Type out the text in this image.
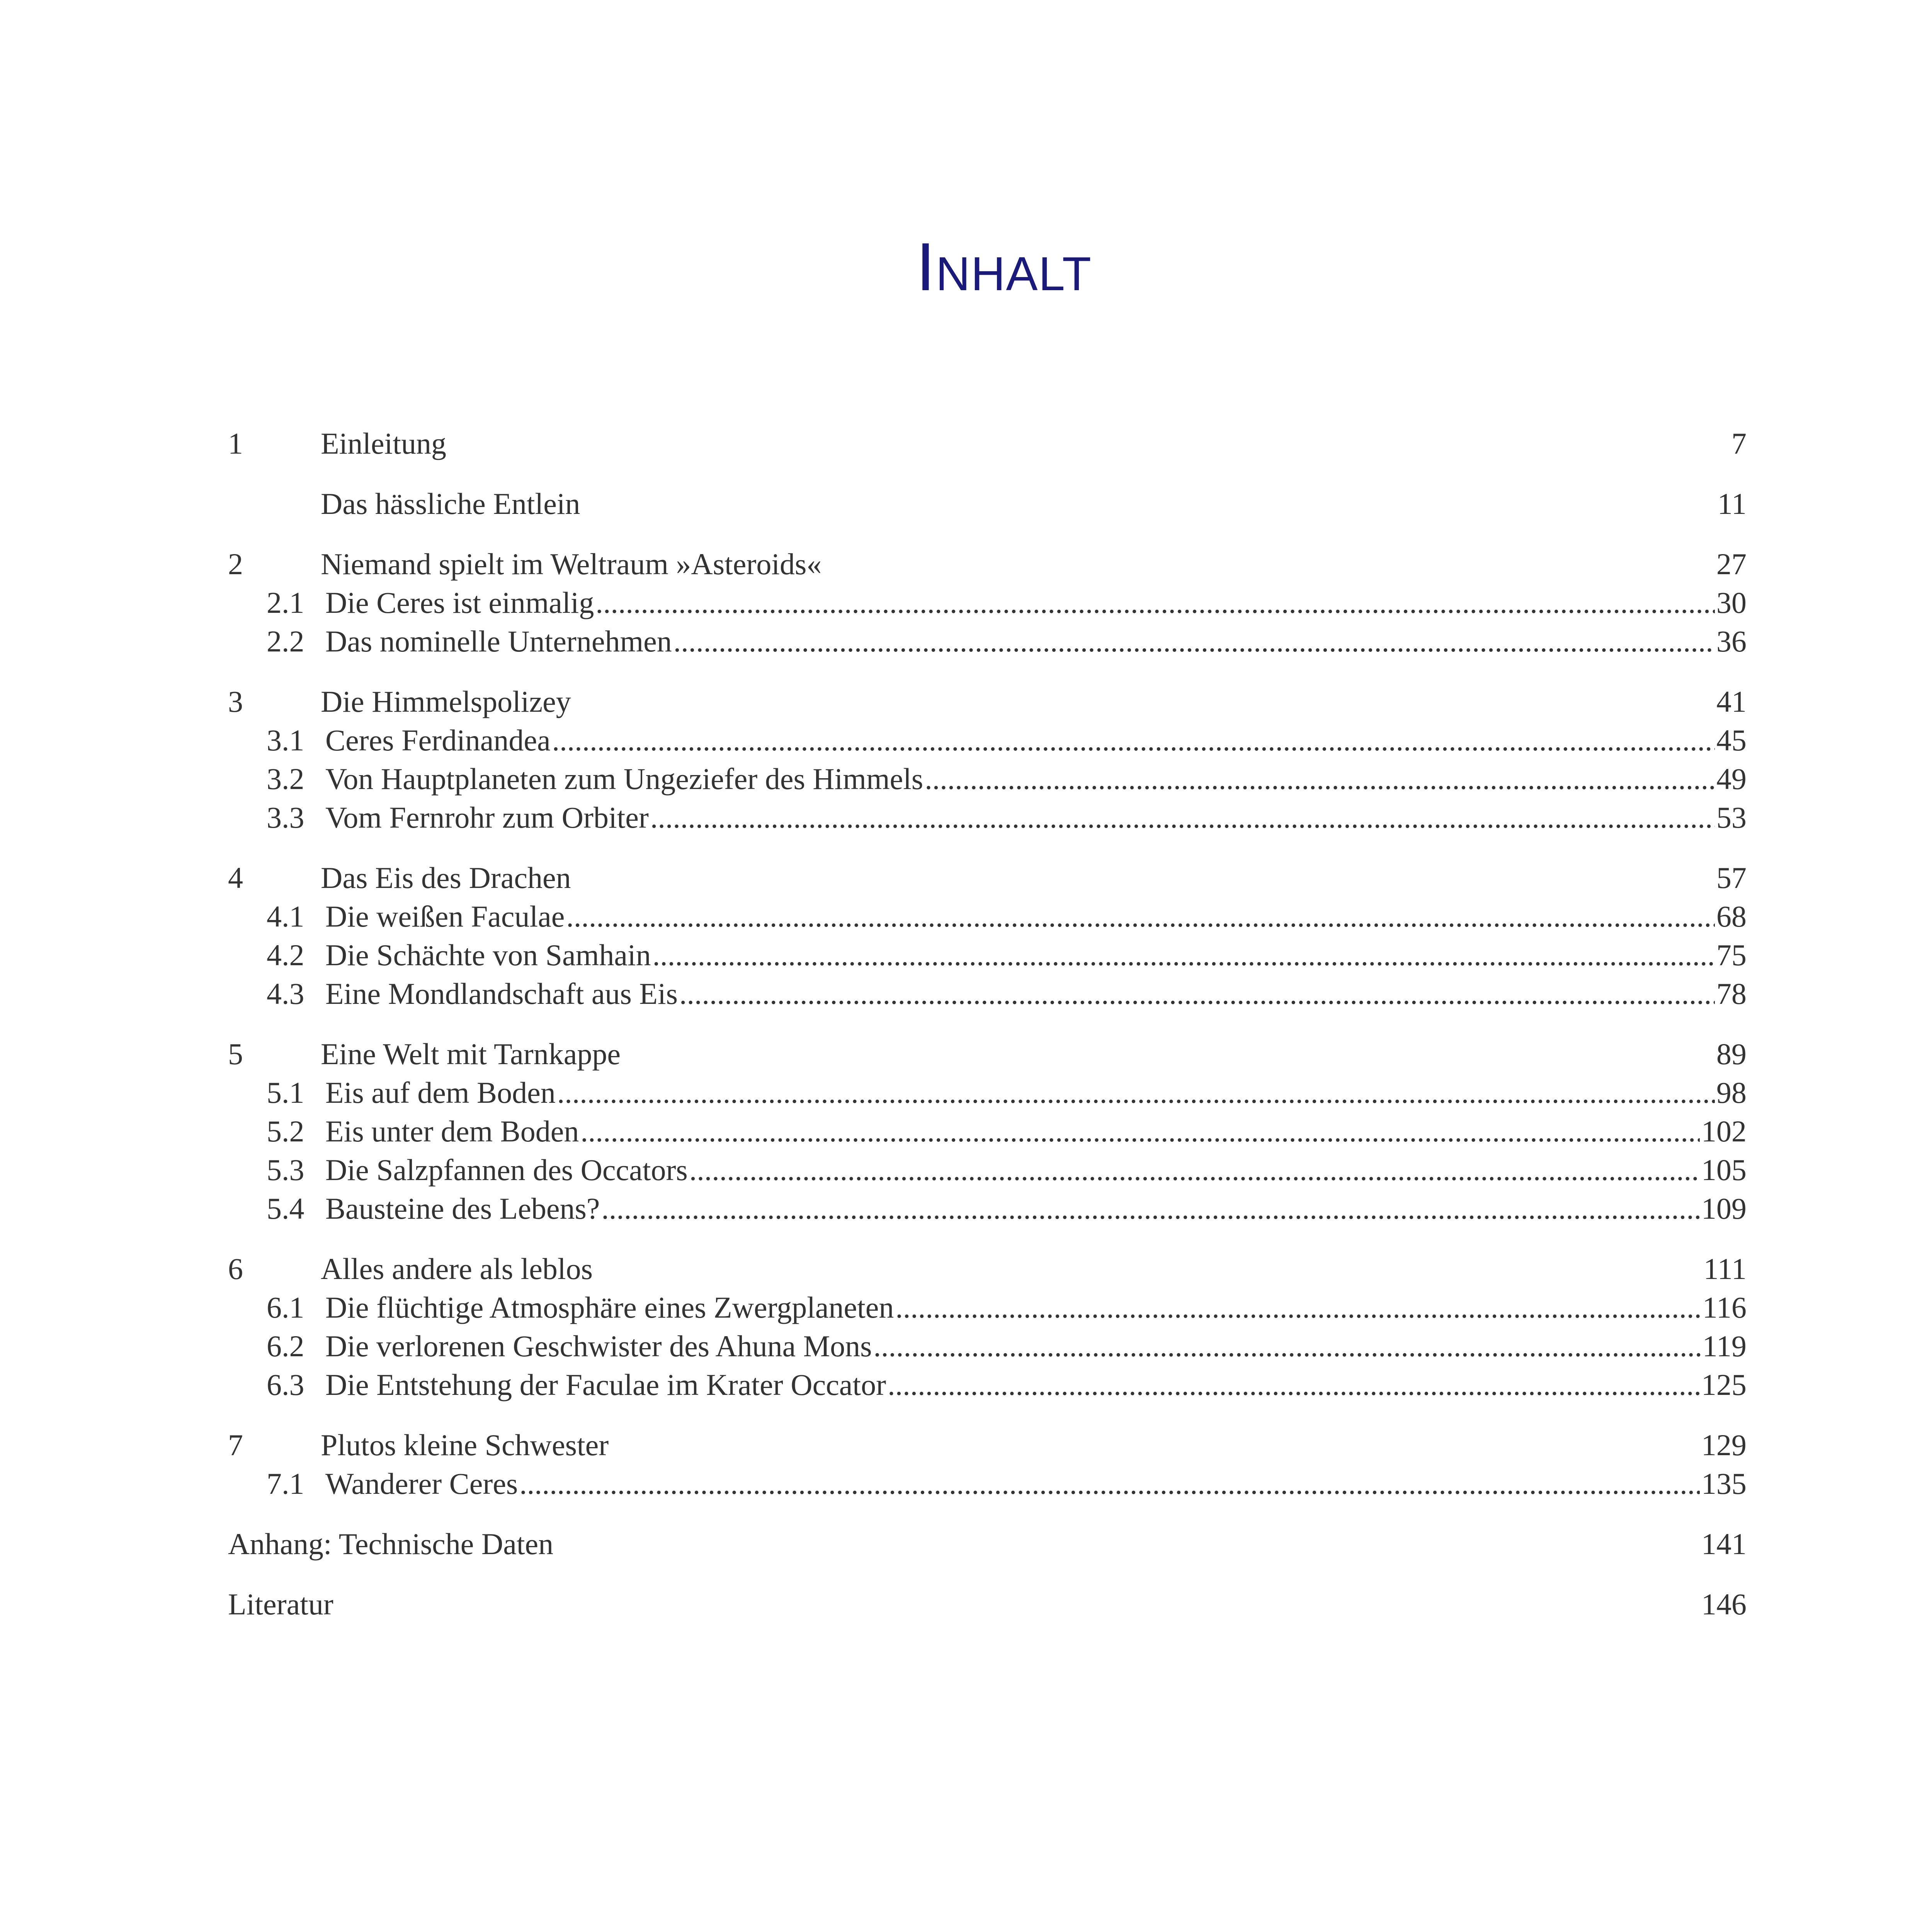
Inhalt
1	Einleitung	7
Das hässliche Entlein	11
2	Niemand spielt im Weltraum »Asteroids«	27
2.1 Die Ceres ist einmalig .....	30
2.2 Das nominelle Unternehmen .....	36
3	Die Himmelspolizey	41
3.1 Ceres Ferdinandea .....	45
3.2 Von Hauptplaneten zum Ungeziefer des Himmels .....	49
3.3 Vom Fernrohr zum Orbiter .....	53
4	Das Eis des Drachen	57
4.1 Die weißen Faculae .....	68
4.2 Die Schächte von Samhain .....	75
4.3 Eine Mondlandschaft aus Eis .....	78
5	Eine Welt mit Tarnkappe	89
5.1 Eis auf dem Boden .....	98
5.2 Eis unter dem Boden .....	102
5.3 Die Salzpfannen des Occators .....	105
5.4 Bausteine des Lebens? .....	109
6	Alles andere als leblos	111
6.1 Die flüchtige Atmosphäre eines Zwergplaneten .....	116
6.2 Die verlorenen Geschwister des Ahuna Mons .....	119
6.3 Die Entstehung der Faculae im Krater Occator .....	125
7	Plutos kleine Schwester	129
7.1 Wanderer Ceres .....	135
Anhang: Technische Daten	141
Literatur	146
